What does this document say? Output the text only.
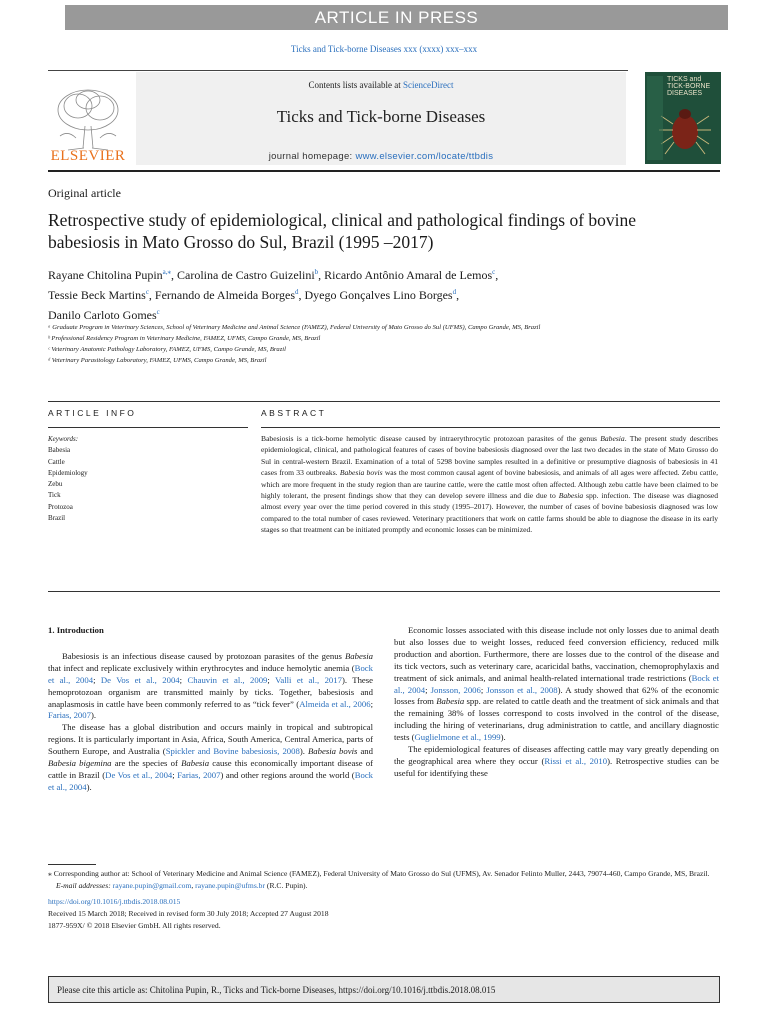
ARTICLE IN PRESS
Ticks and Tick-borne Diseases xxx (xxxx) xxx–xxx
ELSEVIER
Contents lists available at ScienceDirect
Ticks and Tick-borne Diseases
journal homepage: www.elsevier.com/locate/ttbdis
TICKS and TICK-BORNE DISEASES
Original article
Retrospective study of epidemiological, clinical and pathological findings of bovine babesiosis in Mato Grosso do Sul, Brazil (1995 –2017)
Rayane Chitolina Pupin$^{a,⁎}$, Carolina de Castro Guizelini$^b$, Ricardo Antônio Amaral de Lemos$^c$,
Tessie Beck Martins$^c$, Fernando de Almeida Borges$^d$, Dyego Gonçalves Lino Borges$^d$,
Danilo Carloto Gomes$^c$

ᵃ Graduate Program in Veterinary Sciences, School of Veterinary Medicine and Animal Science (FAMEZ), Federal University of Mato Grosso do Sul (UFMS), Campo Grande, MS, Brazil

ᵇ Professional Residency Program in Veterinary Medicine, FAMEZ, UFMS, Campo Grande, MS, Brazil

ᶜ Veterinary Anatomic Pathology Laboratory, FAMEZ, UFMS, Campo Grande, MS, Brazil

ᵈ Veterinary Parasitology Laboratory, FAMEZ, UFMS, Campo Grande, MS, Brazil

ARTICLE INFO	ABSTRACT
Keywords:
Babesia
Cattle
Epidemiology
Zebu
Tick
Protozoa
Brazil
Babesiosis is a tick-borne hemolytic disease caused by intraerythrocytic protozoan parasites of the genus Babesia. The present study describes epidemiological, clinical, and pathological features of cases of bovine babesiosis diagnosed over the last two decades in the state of Mato Grosso do Sul in central-western Brazil. Examination of a total of 5298 bovine samples resulted in a definitive or presumptive diagnosis of babesiosis in 41 cases from 33 outbreaks. Babesia bovis was the most common causal agent of bovine babesiosis, and animals of all ages were affected. Zebu cattle, which are more frequent in the study region than are taurine cattle, were the cattle most often affected. Although zebu cattle have been claimed to be highly tolerant, the present findings show that they can develop severe illness and die due to Babesia spp. infection. The disease was diagnosed almost every year over the time period covered in this study (1995–2017). However, the number of cases of bovine babesiosis diagnosed was low compared to the total number of cases reviewed. Veterinary practitioners that work on cattle farms should be able to diagnose the disease in its early stages so that treatment can be initiated promptly and economic losses can be minimized.

1. Introduction

Babesiosis is an infectious disease caused by protozoan parasites of the genus Babesia that infect and replicate exclusively within erythrocytes and induce hemolytic anemia (Bock et al., 2004; De Vos et al., 2004; Chauvin et al., 2009; Valli et al., 2017). These hemoprotozoan organism are transmitted mainly by ticks. Together, babesiosis and anaplasmosis in cattle have been commonly referred to as “tick fever” (Almeida et al., 2006; Farias, 2007).

The disease has a global distribution and occurs mainly in tropical and subtropical regions. It is particularly important in Asia, Africa, South America, Central America, parts of Southern Europe, and Australia (Spickler and Bovine babesiosis, 2008). Babesia bovis and Babesia bigemina are the species of Babesia cause this economically important disease of cattle in Brazil (De Vos et al., 2004; Farias, 2007) and other regions around the world (Bock et al., 2004).

Economic losses associated with this disease include not only losses due to animal death but also losses due to weight losses, reduced feed conversion efficiency, reduced milk production and abortion. Furthermore, there are losses due to the control of the disease and its tick vectors, such as veterinary care, acaricidal baths, vaccination, chemoprophylaxis and treatment of sick animals, and animal health-related international trade restrictions (Bock et al., 2004; Jonsson, 2006; Jonsson et al., 2008). A study showed that 62% of the economic losses from Babesia spp. are related to cattle death and the treatment of sick animals and that the remaining 38% of losses correspond to costs involved in the control of the disease, including the hiring of veterinarians, drug administration to cattle, and ancillary diagnostic tests (Guglielmone et al., 1999).

The epidemiological features of diseases affecting cattle may vary greatly depending on the geographical area where they occur (Rissi et al., 2010). Retrospective studies can be useful for identifying these

⁎ Corresponding author at: School of Veterinary Medicine and Animal Science (FAMEZ), Federal University of Mato Grosso do Sul (UFMS), Av. Senador Felinto Muller, 2443, 79074-460, Campo Grande, MS, Brazil.

E-mail addresses: rayane.pupin@gmail.com, rayane.pupin@ufms.br (R.C. Pupin).

https://doi.org/10.1016/j.ttbdis.2018.08.015

Received 15 March 2018; Received in revised form 30 July 2018; Accepted 27 August 2018

1877-959X/ © 2018 Elsevier GmbH. All rights reserved.

Please cite this article as: Chitolina Pupin, R., Ticks and Tick-borne Diseases, https://doi.org/10.1016/j.ttbdis.2018.08.015
